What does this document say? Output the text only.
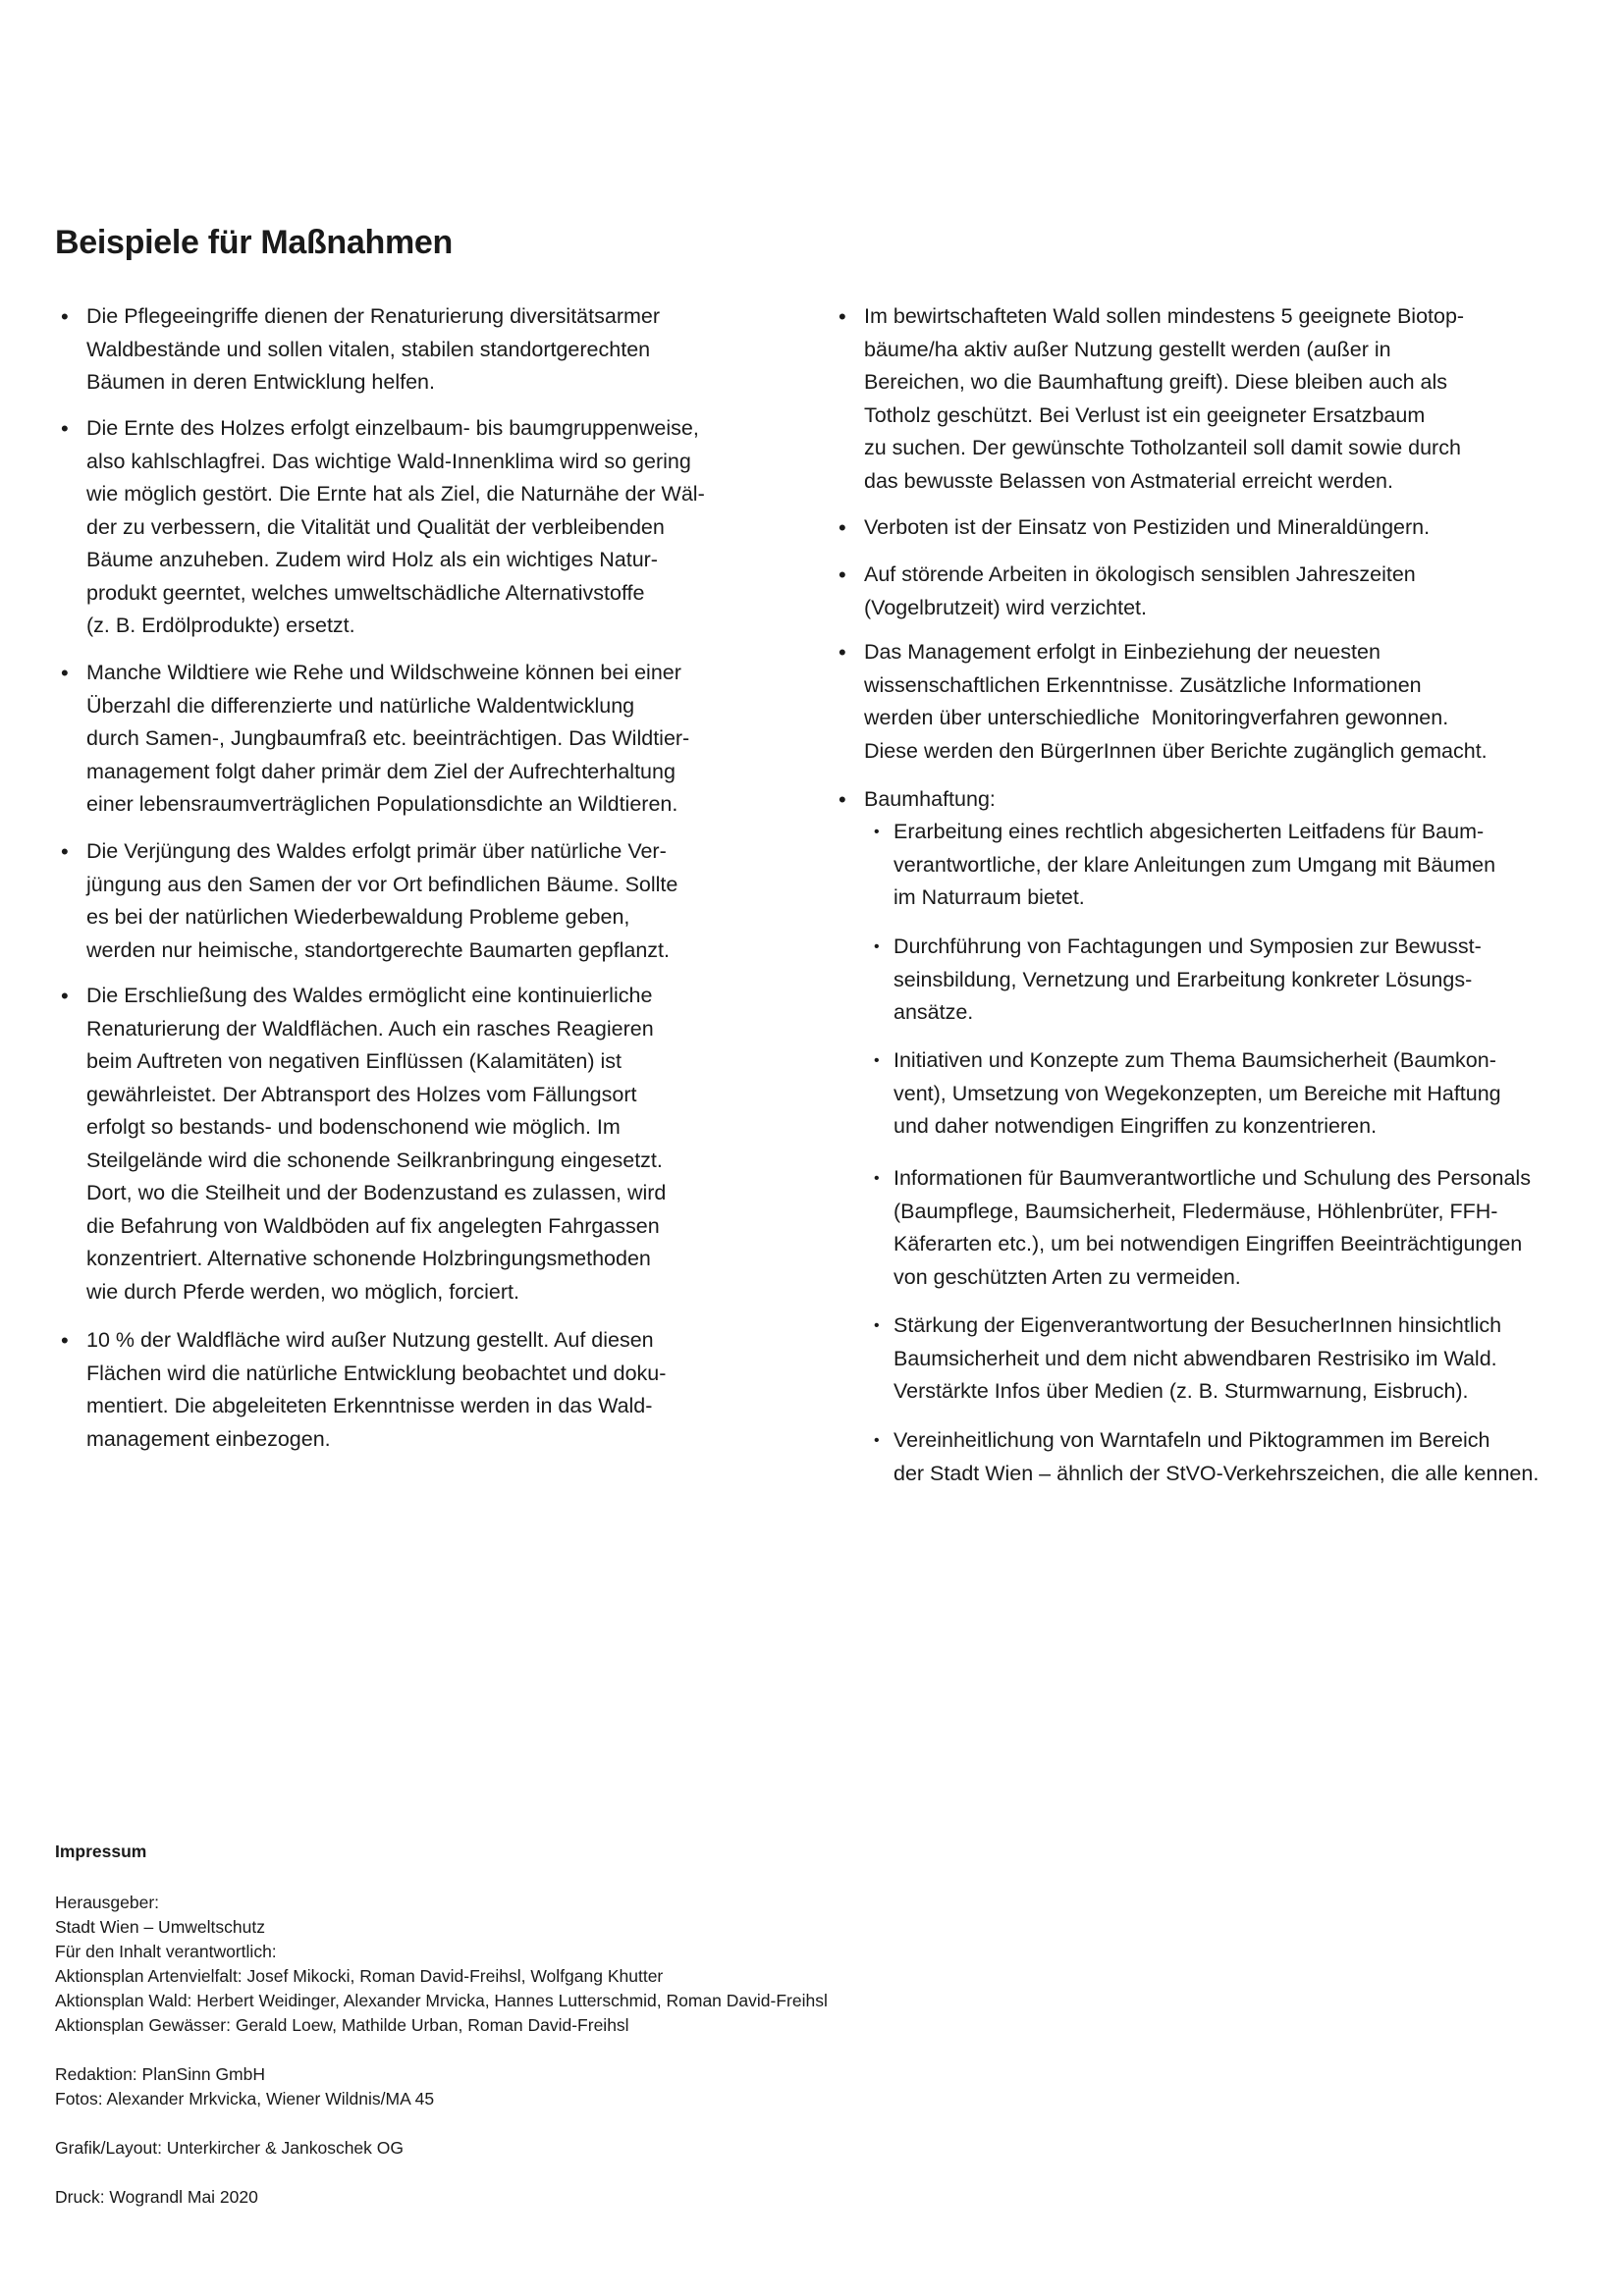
Beispiele für Maßnahmen
• Die Pflegeeingriffe dienen der Renaturierung diversitätsarmer
Waldbestände und sollen vitalen, stabilen standortgerechten
Bäumen in deren Entwicklung helfen.
• Die Ernte des Holzes erfolgt einzelbaum- bis baumgruppenweise,
also kahlschlagfrei. Das wichtige Wald-Innenklima wird so gering
wie möglich gestört. Die Ernte hat als Ziel, die Naturnähe der Wäl-
der zu verbessern, die Vitalität und Qualität der verbleibenden
Bäume anzuheben. Zudem wird Holz als ein wichtiges Natur-
produkt geerntet, welches umweltschädliche Alternativstoffe
(z. B. Erdölprodukte) ersetzt.
• Manche Wildtiere wie Rehe und Wildschweine können bei einer
Überzahl die differenzierte und natürliche Waldentwicklung
durch Samen-, Jungbaumfraß etc. beeinträchtigen. Das Wildtier-
management folgt daher primär dem Ziel der Aufrechterhaltung
einer lebensraumverträglichen Populationsdichte an Wildtieren.
• Die Verjüngung des Waldes erfolgt primär über natürliche Ver-
jüngung aus den Samen der vor Ort befindlichen Bäume. Sollte
es bei der natürlichen Wiederbewaldung Probleme geben,
werden nur heimische, standortgerechte Baumarten gepflanzt.
• Die Erschließung des Waldes ermöglicht eine kontinuierliche
Renaturierung der Waldflächen. Auch ein rasches Reagieren
beim Auftreten von negativen Einflüssen (Kalamitäten) ist
gewährleistet. Der Abtransport des Holzes vom Fällungsort
erfolgt so bestands- und bodenschonend wie möglich. Im
Steilgelände wird die schonende Seilkranbringung eingesetzt.
Dort, wo die Steilheit und der Bodenzustand es zulassen, wird
die Befahrung von Waldböden auf fix angelegten Fahrgassen
konzentriert. Alternative schonende Holzbringungsmethoden
wie durch Pferde werden, wo möglich, forciert.
• 10 % der Waldfläche wird außer Nutzung gestellt. Auf diesen
Flächen wird die natürliche Entwicklung beobachtet und doku-
mentiert. Die abgeleiteten Erkenntnisse werden in das Wald-
management einbezogen.
• Im bewirtschafteten Wald sollen mindestens 5 geeignete Biotop-
bäume/ha aktiv außer Nutzung gestellt werden (außer in
Bereichen, wo die Baumhaftung greift). Diese bleiben auch als
Totholz geschützt. Bei Verlust ist ein geeigneter Ersatzbaum
zu suchen. Der gewünschte Totholzanteil soll damit sowie durch
das bewusste Belassen von Astmaterial erreicht werden.
• Verboten ist der Einsatz von Pestiziden und Mineraldüngern.
• Auf störende Arbeiten in ökologisch sensiblen Jahreszeiten
(Vogelbrutzeit) wird verzichtet.
• Das Management erfolgt in Einbeziehung der neuesten
wissenschaftlichen Erkenntnisse. Zusätzliche Informationen
werden über unterschiedliche  Monitoringverfahren gewonnen.
Diese werden den BürgerInnen über Berichte zugänglich gemacht.
• Baumhaftung:
• Erarbeitung eines rechtlich abgesicherten Leitfadens für Baum-
verantwortliche, der klare Anleitungen zum Umgang mit Bäumen
im Naturraum bietet.
• Durchführung von Fachtagungen und Symposien zur Bewusst-
seinsbildung, Vernetzung und Erarbeitung konkreter Lösungs-
ansätze.
• Initiativen und Konzepte zum Thema Baumsicherheit (Baumkon-
vent), Umsetzung von Wegekonzepten, um Bereiche mit Haftung
und daher notwendigen Eingriffen zu konzentrieren.
• Informationen für Baumverantwortliche und Schulung des Personals
(Baumpflege, Baumsicherheit, Fledermäuse, Höhlenbrüter, FFH-
Käferarten etc.), um bei notwendigen Eingriffen Beeinträchtigungen
von geschützten Arten zu vermeiden.
• Stärkung der Eigenverantwortung der BesucherInnen hinsichtlich
Baumsicherheit und dem nicht abwendbaren Restrisiko im Wald.
Verstärkte Infos über Medien (z. B. Sturmwarnung, Eisbruch).
• Vereinheitlichung von Warntafeln und Piktogrammen im Bereich
der Stadt Wien – ähnlich der StVO-Verkehrszeichen, die alle kennen.
Impressum
Herausgeber:
Stadt Wien – Umweltschutz
Für den Inhalt verantwortlich:
Aktionsplan Artenvielfalt: Josef Mikocki, Roman David-Freihsl, Wolfgang Khutter
Aktionsplan Wald: Herbert Weidinger, Alexander Mrvicka, Hannes Lutterschmid, Roman David-Freihsl
Aktionsplan Gewässer: Gerald Loew, Mathilde Urban, Roman David-Freihsl
Redaktion: PlanSinn GmbH
Fotos: Alexander Mrkvicka, Wiener Wildnis/MA 45
Grafik/Layout: Unterkircher & Jankoschek OG
Druck: Wograndl Mai 2020
